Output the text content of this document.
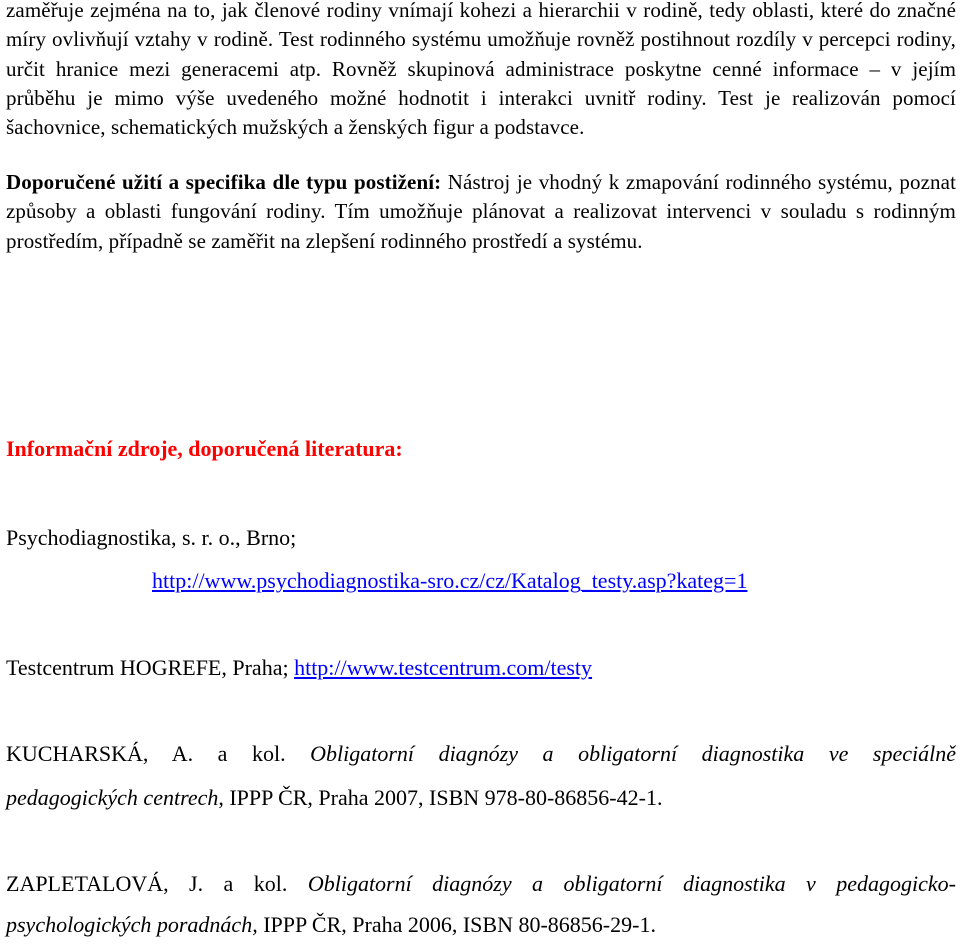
zaměřuje zejména na to, jak členové rodiny vnímají kohezi a hierarchii v rodině, tedy oblasti, které do značné míry ovlivňují vztahy v rodině. Test rodinného systému umožňuje rovněž postihnout rozdíly v percepci rodiny, určit hranice mezi generacemi atp. Rovněž skupinová administrace poskytne cenné informace – v jejím průběhu je mimo výše uvedeného možné hodnotit i interakci uvnitř rodiny. Test je realizován pomocí šachovnice, schematických mužských a ženských figur a podstavce.

Doporučené užití a specifika dle typu postižení: Nástroj je vhodný k zmapování rodinného systému, poznat způsoby a oblasti fungování rodiny. Tím umožňuje plánovat a realizovat intervenci v souladu s rodinným prostředím, případně se zaměřit na zlepšení rodinného prostředí a systému.

Informační zdroje, doporučená literatura:

Psychodiagnostika, s. r. o., Brno;

http://www.psychodiagnostika-sro.cz/cz/Katalog_testy.asp?kateg=1

Testcentrum HOGREFE, Praha; http://www.testcentrum.com/testy

KUCHARSKÁ, A. a kol. Obligatorní diagnózy a obligatorní diagnostika ve speciálně

pedagogických centrech, IPPP ČR, Praha 2007, ISBN 978-80-86856-42-1.

ZAPLETALOVÁ, J. a kol. Obligatorní diagnózy a obligatorní diagnostika v pedagogicko-

psychologických poradnách, IPPP ČR, Praha 2006, ISBN 80-86856-29-1.
